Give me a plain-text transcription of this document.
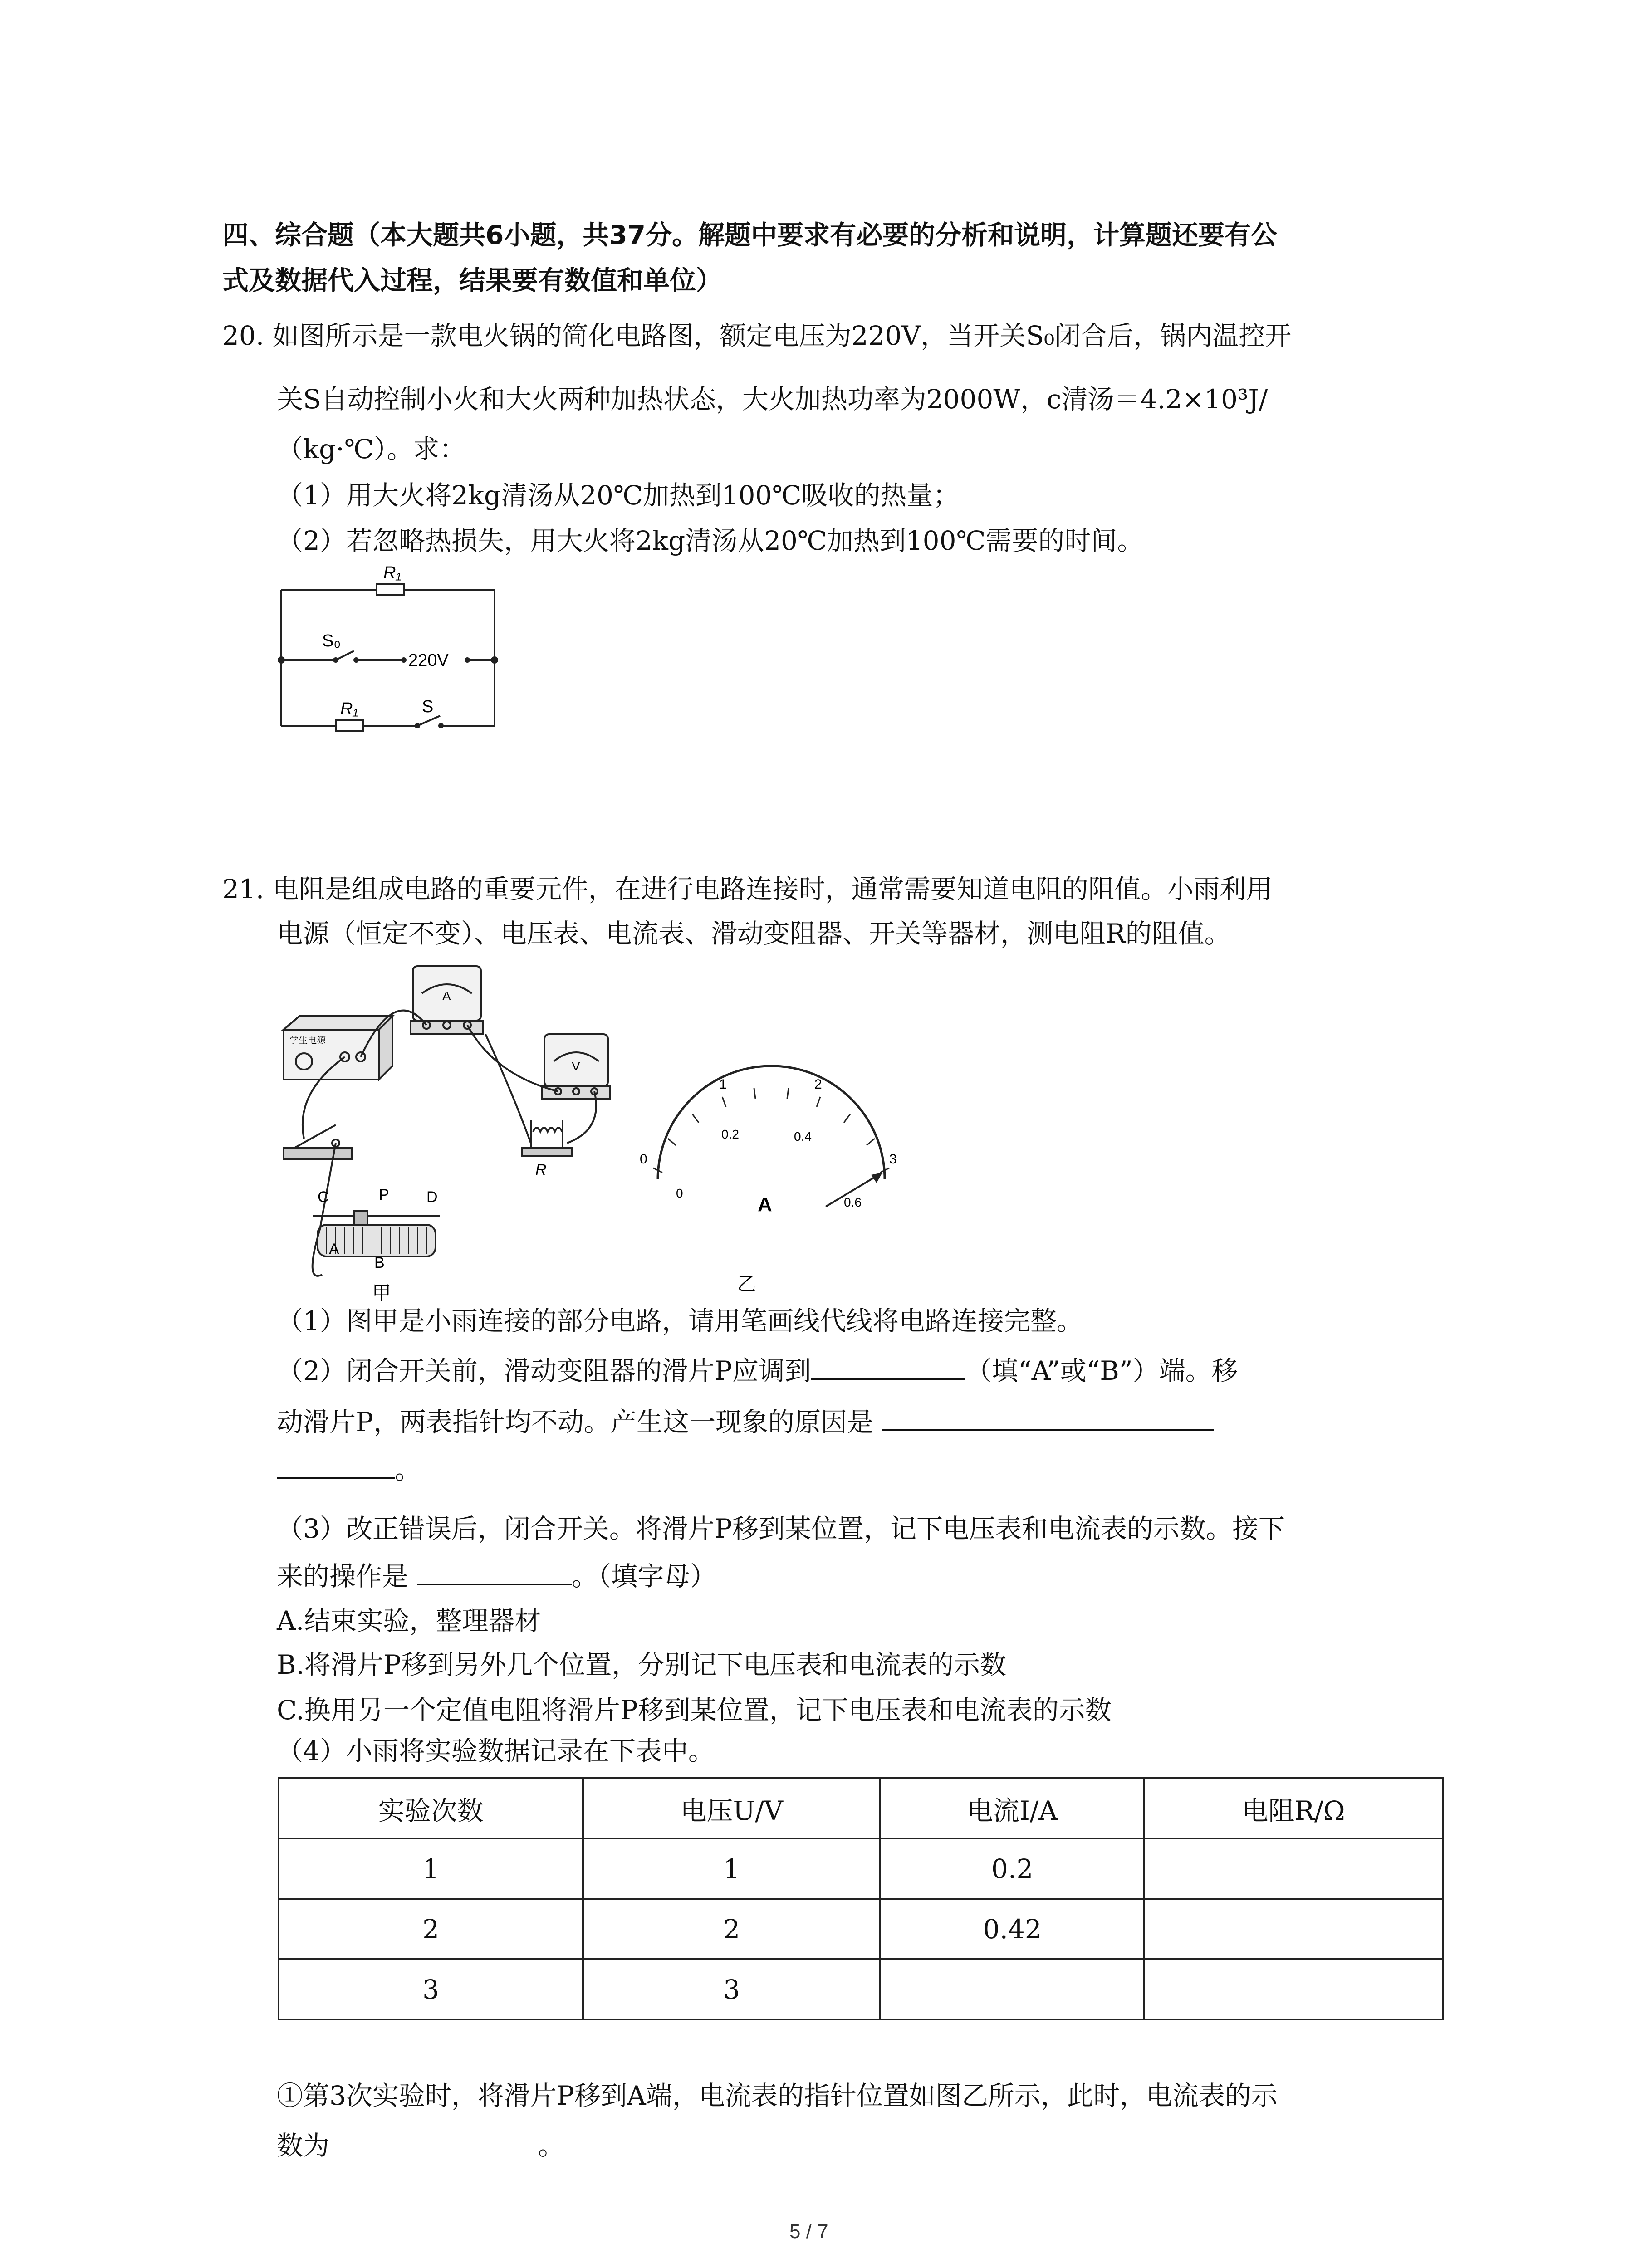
四、综合题（本大题共6小题，共37分。解题中要求有必要的分析和说明，计算题还要有公
式及数据代入过程，结果要有数值和单位）
20. 如图所示是一款电火锅的简化电路图，额定电压为220V，当开关S₀闭合后，锅内温控开
关S自动控制小火和大火两种加热状态，大火加热功率为2000W，c清汤＝4.2×10³J/
（kg·℃）。求：
（1）用大火将2kg清汤从20℃加热到100℃吸收的热量；
（2）若忽略热损失，用大火将2kg清汤从20℃加热到100℃需要的时间。
R₁
S₀
220V
R₁	S
21. 电阻是组成电路的重要元件，在进行电路连接时，通常需要知道电阻的阻值。小雨利用
电源（恒定不变）、电压表、电流表、滑动变阻器、开关等器材，测电阻R的阻值。
学生电源
A
V
R
C	P D
A
B
甲
0
1	2
3
0
0.2	0.4
0.6
A
乙
（1）图甲是小雨连接的部分电路，请用笔画线代线将电路连接完整。
（2）闭合开关前，滑动变阻器的滑片P应调到	（填“A”或“B”）端。移
动滑片P，两表指针均不动。产生这一现象的原因是
。
（3）改正错误后，闭合开关。将滑片P移到某位置，记下电压表和电流表的示数。接下
来的操作是	。（填字母）
A.结束实验，整理器材
B.将滑片P移到另外几个位置，分别记下电压表和电流表的示数
C.换用另一个定值电阻将滑片P移到某位置，记下电压表和电流表的示数
（4）小雨将实验数据记录在下表中。
实验次数	电压U/V	电流I/A	电阻R/Ω
1	1	0.2	
2	2	0.42	
3	3		
①第3次实验时，将滑片P移到A端，电流表的指针位置如图乙所示，此时，电流表的示
数为	。
5 / 7
